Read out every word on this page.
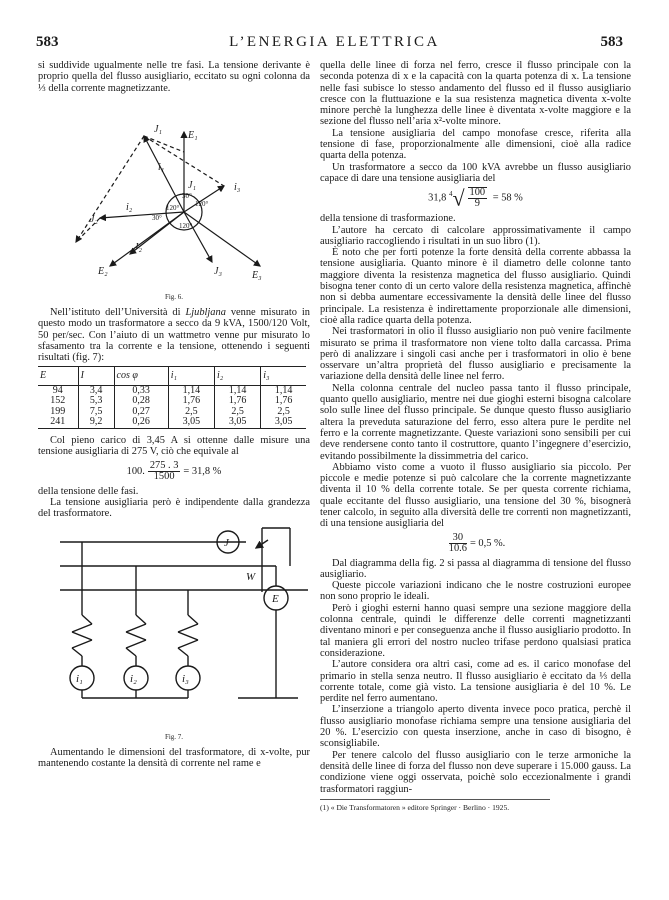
583	L’ENERGIA ELETTRICA	583

si suddivide ugualmente nelle tre fasi. La tensione derivante è proprio quella del flusso ausigliario, eccitato su ogni colonna da ⅓ della corrente magnetizzante.

J₁
E₁
i₁
J₂
E₂
i₂
J₃	E₃
i₃
J₂
J₁
30°
120°
120°
120°
30°
Fig. 6.

Nell’istituto dell’Università di Ljubljana venne misurato in questo modo un trasformatore a secco da 9 kVA, 1500/120 Volt, 50 per/sec. Con l’aiuto di un wattmetro venne pur misurato lo sfasamento tra la corrente e la tensione, ottenendo i seguenti risultati (fig. 7):

E	I	cos φ	i₁	i₂	i₃
94	3,4	0,33	1,14	1,14	1,14
152	5,3	0,28	1,76	1,76	1,76
199	7,5	0,27	2,5	2,5	2,5
241	9,2	0,26	3,05	3,05	3,05

Col pieno carico di 3,45 A si ottenne dalle misure una tensione ausigliaria di 275 V, ciò che equivale al

100. $\frac{275 . 3}{1500} = 31,8$ %

della tensione delle fasi.

La tensione ausigliaria però è indipendente dalla grandezza del trasformatore.

J
W
E
i₁	i₂	i₃
Fig. 7.

Aumentando le dimensioni del trasformatore, di x-volte, pur mantenendo costante la densità di corrente nel rame e

quella delle linee di forza nel ferro, cresce il flusso principale con la seconda potenza di x e la capacità con la quarta potenza di x. La tensione nelle fasi subisce lo stesso andamento del flusso ed il flusso ausigliario cresce con la fluttuazione e la sua resistenza magnetica diventa x-volte minore perchè la lunghezza delle linee è diventata x-volte maggiore e la sezione del flusso nell’aria x²-volte minore.

La tensione ausigliaria del campo monofase cresce, riferita alla tensione di fase, proporzionalmente alle dimensioni, cioè alla radice quarta della potenza.

Un trasformatore a secco da 100 kVA avrebbe un flusso ausigliario capace di dare una tensione ausigliaria del

31,8 $^4√ \frac{100}{9} = 58$ %

della tensione di trasformazione.

L’autore ha cercato di calcolare approssimativamente il campo ausigliario raccogliendo i risultati in un suo libro (1).

È noto che per forti potenze la forte densità della corrente abbassa la tensione ausigliaria. Quanto minore è il diametro delle colonne tanto maggiore diventa la resistenza magnetica del flusso ausigliario. Quindi bisogna tener conto di un certo valore della resistenza magnetica, affinchè non si debba aumentare eccessivamente la densità delle linee del flusso principale. La resistenza è indirettamente proporzionale alle dimensioni, cioè alla radice quarta della potenza.

Nei trasformatori in olio il flusso ausigliario non può venire facilmente misurato se prima il trasformatore non viene tolto dalla carcassa. Prima però di analizzare i singoli casi anche per i trasformatori in olio è bene osservare un’altra proprietà del flusso ausigliario e precisamente la variazione della densità delle linee nel ferro.

Nella colonna centrale del nucleo passa tanto il flusso principale, quanto quello ausigliario, mentre nei due gioghi esterni bisogna calcolare solo sulle linee del flusso principale. Se dunque questo flusso ausigliario altera la preveduta saturazione del ferro, esso altera pure le perdite nel ferro e la corrente magnetizzante. Queste variazioni sono sensibili per cui deve rendersene conto tanto il costruttore, quanto l’ingegnere d’esercizio, evitando possibilmente la dissimmetria del carico.

Abbiamo visto come a vuoto il flusso ausigliario sia piccolo. Per piccole e medie potenze si può calcolare che la corrente magnetizzante diventa il 10 % della corrente totale. Se per questa corrente richiama, quale eccitante del flusso ausigliario, una tensione del 30 %, bisognerà tener calcolo, in seguito alla diversità delle tre correnti non magnetizzanti, di una tensione ausigliaria del

$\frac{30}{10.6} = 0,5$ %.

Dal diagramma della fig. 2 si passa al diagramma di tensione del flusso ausigliario.

Queste piccole variazioni indicano che le nostre costruzioni europee non sono proprio le ideali.

Però i gioghi esterni hanno quasi sempre una sezione maggiore della colonna centrale, quindi le differenze delle correnti magnetizzanti diventano minori e per conseguenza anche il flusso ausigliario prodotto. In tal maniera gli errori del nostro nucleo trifase perdono qualsiasi pratica considerazione.

L’autore considera ora altri casi, come ad es. il carico monofase del primario in stella senza neutro. Il flusso ausigliario è eccitato da ⅓ della corrente totale, come già visto. La tensione ausigliaria è del 10 %. Le perdite nel ferro aumentano.

L’inserzione a triangolo aperto diventa invece poco pratica, perchè il flusso ausigliario monofase richiama sempre una tensione ausigliaria del 20 %. L’esercizio con questa inserzione, anche in caso di bisogno, è sconsigliabile.

Per tenere calcolo del flusso ausigliario con le terze armoniche la densità delle linee di forza del flusso non deve superare i 15.000 gauss. La condizione viene oggi osservata, poichè solo eccezionalmente i grandi trasformatori raggiun-

(1) « Die Transformatoren » editore Springer · Berlino · 1925.
